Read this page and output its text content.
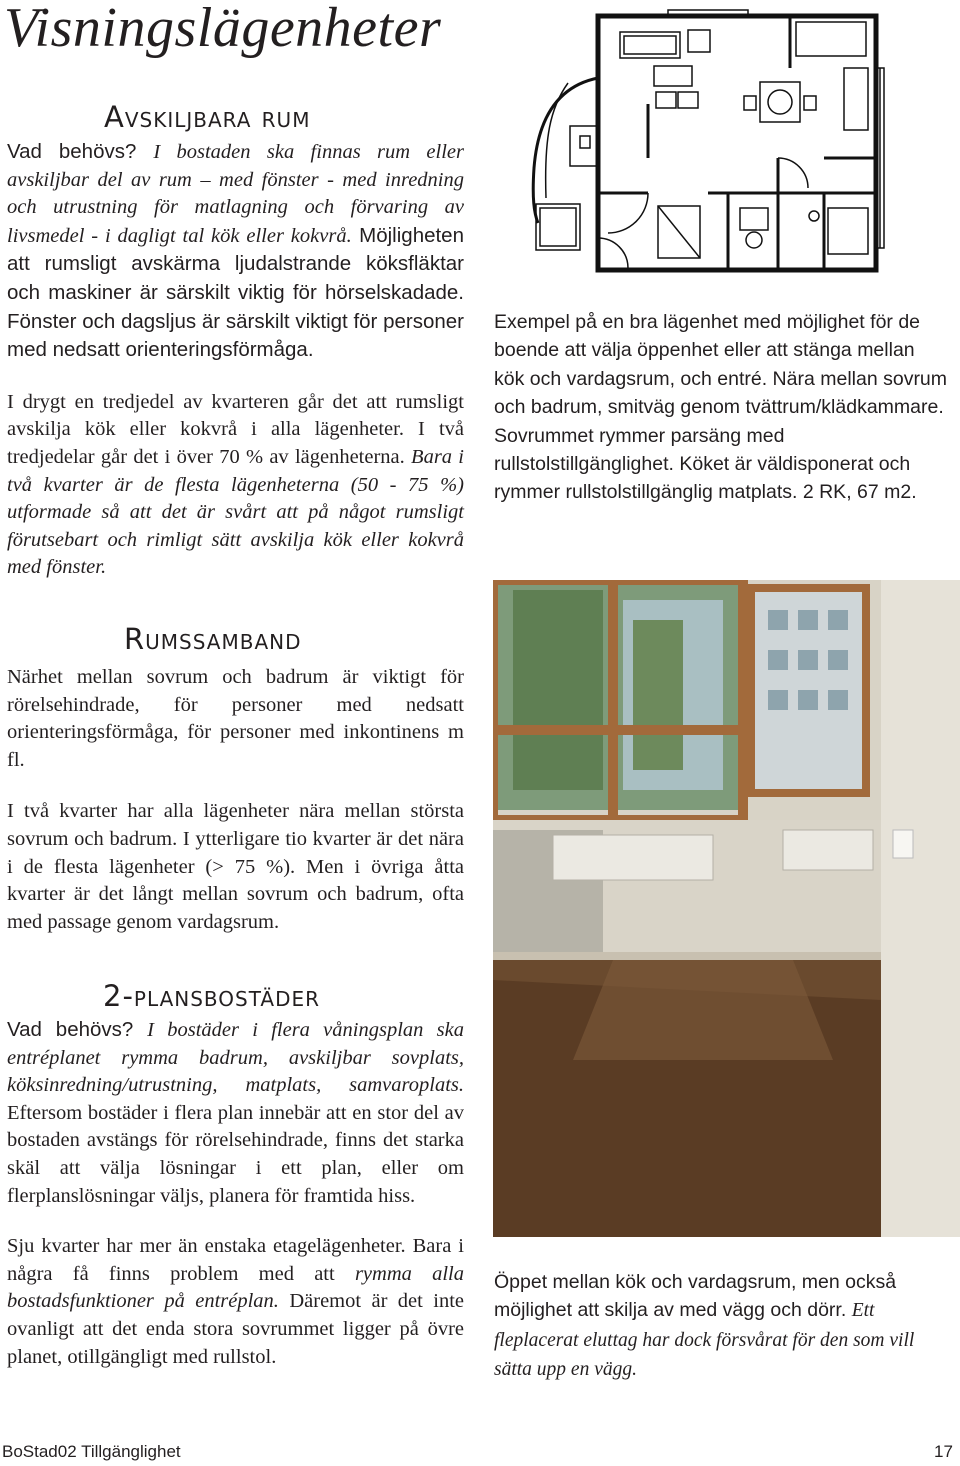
Visningslägenheter
Avskiljbara rum

Vad behövs? I bostaden ska finnas rum eller avskiljbar del av rum – med fönster - med inredning och utrustning för matlagning och förvaring av livsmedel - i dagligt tal kök eller kokvrå. Möjligheten att rumsligt avskärma ljudalstrande köksfläktar och maskiner är särskilt viktig för hörselskadade. Fönster och dagsljus är särskilt viktigt för personer med nedsatt orienteringsförmåga.

I drygt en tredjedel av kvarteren går det att rumsligt avskilja kök eller kokvrå i alla lägenheter. I två tredjedelar går det i över 70 % av lägenheterna. Bara i två kvarter är de flesta lägenheterna (50 - 75 %) utformade så att det är svårt att på något rumsligt förutsebart och rimligt sätt avskilja kök eller kokvrå med fönster.

Rumssamband

Närhet mellan sovrum och badrum är viktigt för rörelsehindrade, för personer med nedsatt orienteringsförmåga, för personer med inkontinens m fl.

I två kvarter har alla lägenheter nära mellan största sovrum och badrum. I ytterligare tio kvarter är det nära i de flesta lägenheter (> 75 %). Men i övriga åtta kvarter är det långt mellan sovrum och badrum, ofta med passage genom vardagsrum.

2-plansbostäder

Vad behövs? I bostäder i flera våningsplan ska entréplanet rymma badrum, avskiljbar sovplats, köksinredning/utrustning, matplats, samvaroplats. Eftersom bostäder i flera plan innebär att en stor del av bostaden avstängs för rörelsehindrade, finns det starka skäl att välja lösningar i ett plan, eller om flerplanslösningar väljs, planera för framtida hiss.

Sju kvarter har mer än enstaka etagelägenheter. Bara i några få finns problem med att rymma alla bostadsfunktioner på entréplan. Däremot är det inte ovanligt att det enda stora sovrummet ligger på övre planet, otillgängligt med rullstol.

Exempel på en bra lägenhet med möjlighet för de boende att välja öppenhet eller att stänga mellan kök och vardagsrum, och entré. Nära mellan sovrum och badrum, smitväg genom tvättrum/klädkammare. Sovrummet rymmer parsäng med rullstolstillgänglighet. Köket är väldisponerat och rymmer rullstolstillgänglig matplats. 2 RK, 67 m2.

Öppet mellan kök och vardagsrum, men också möjlighet att skilja av med vägg och dörr. Ett fleplacerat eluttag har dock försvårat för den som vill sätta upp en vägg.

BoStad02 Tillgänglighet	17
